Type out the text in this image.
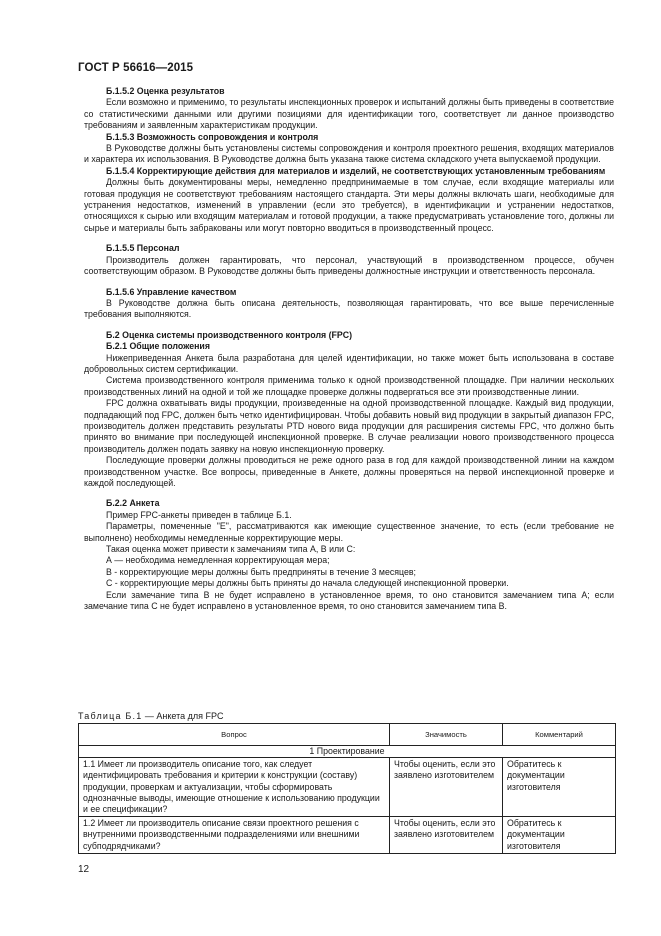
ГОСТ Р 56616—2015
Б.1.5.2 Оценка результатов

Если возможно и применимо, то результаты инспекционных проверок и испытаний должны быть приведены в соответствие со статистическими данными или другими позициями для идентификации того, соответствует ли данное производство требованиям и заявленным характеристикам продукции.

Б.1.5.3 Возможность сопровождения и контроля

В Руководстве должны быть установлены системы сопровождения и контроля проектного решения, входящих материалов и характера их использования. В Руководстве должна быть указана также система складского учета выпускаемой продукции.

Б.1.5.4 Корректирующие действия для материалов и изделий, не соответствующих установленным требованиям

Должны быть документированы меры, немедленно предпринимаемые в том случае, если входящие материалы или готовая продукция не соответствуют требованиям настоящего стандарта. Эти меры должны включать шаги, необходимые для устранения недостатков, изменений в управлении (если это требуется), в идентификации и устранении недостатков, относящихся к сырью или входящим материалам и готовой продукции, а также предусматривать установление того, должны ли сырье и материалы быть забракованы или могут повторно вводиться в производственный процесс.

Б.1.5.5 Персонал

Производитель должен гарантировать, что персонал, участвующий в производственном процессе, обучен соответствующим образом. В Руководстве должны быть приведены должностные инструкции и ответственность персонала.

Б.1.5.6 Управление качеством

В Руководстве должна быть описана деятельность, позволяющая гарантировать, что все выше перечисленные требования выполняются.

Б.2 Оценка системы производственного контроля (FPC)
Б.2.1 Общие положения

Нижеприведенная Анкета была разработана для целей идентификации, но также может быть использована в составе добровольных систем сертификации.

Система производственного контроля применима только к одной производственной площадке. При наличии нескольких производственных линий на одной и той же площадке проверке должны подвергаться все эти производственные линии.

FPC должна охватывать виды продукции, произведенные на одной производственной площадке. Каждый вид продукции, подпадающий под FPC, должен быть четко идентифицирован. Чтобы добавить новый вид продукции в закрытый диапазон FPC, производитель должен представить результаты PTD нового вида продукции для расширения системы FPC, что должно быть принято во внимание при последующей инспекционной проверке. В случае реализации нового производственного процесса производитель должен подать заявку на новую инспекционную проверку.

Последующие проверки должны проводиться не реже одного раза в год для каждой производственной линии на каждом производственном участке. Все вопросы, приведенные в Анкете, должны проверяться на первой инспекционной проверке и каждой последующей.

Б.2.2 Анкета

Пример FPC-анкеты приведен в таблице Б.1.

Параметры, помеченные "Е", рассматриваются как имеющие существенное значение, то есть (если требование не выполнено) необходимы немедленные корректирующие меры.

Такая оценка может привести к замечаниям типа А, В или С:

А — необходима немедленная корректирующая мера;

В - корректирующие меры должны быть предприняты в течение 3 месяцев;

С - корректирующие меры должны быть приняты до начала следующей инспекционной проверки.

Если замечание типа В не будет исправлено в установленное время, то оно становится замечанием типа А; если замечание типа С не будет исправлено в установленное время, то оно становится замечанием типа В.

Таблица Б.1 — Анкета для FPC
Вопрос	Значимость	Комментарий
1 Проектирование		
1.1 Имеет ли производитель описание того, как следует идентифицировать требования и критерии к конструкции (составу) продукции, проверкам и актуализации, чтобы сформировать однозначные выводы, имеющие отношение к использованию продукции и ее спецификации?	Чтобы оценить, если это заявлено изготовителем	Обратитесь к документации изготовителя
1.2 Имеет ли производитель описание связи проектного решения с внутренними производственными подразделениями или внешними субподрядчиками?	Чтобы оценить, если это заявлено изготовителем	Обратитесь к документации изготовителя
12
